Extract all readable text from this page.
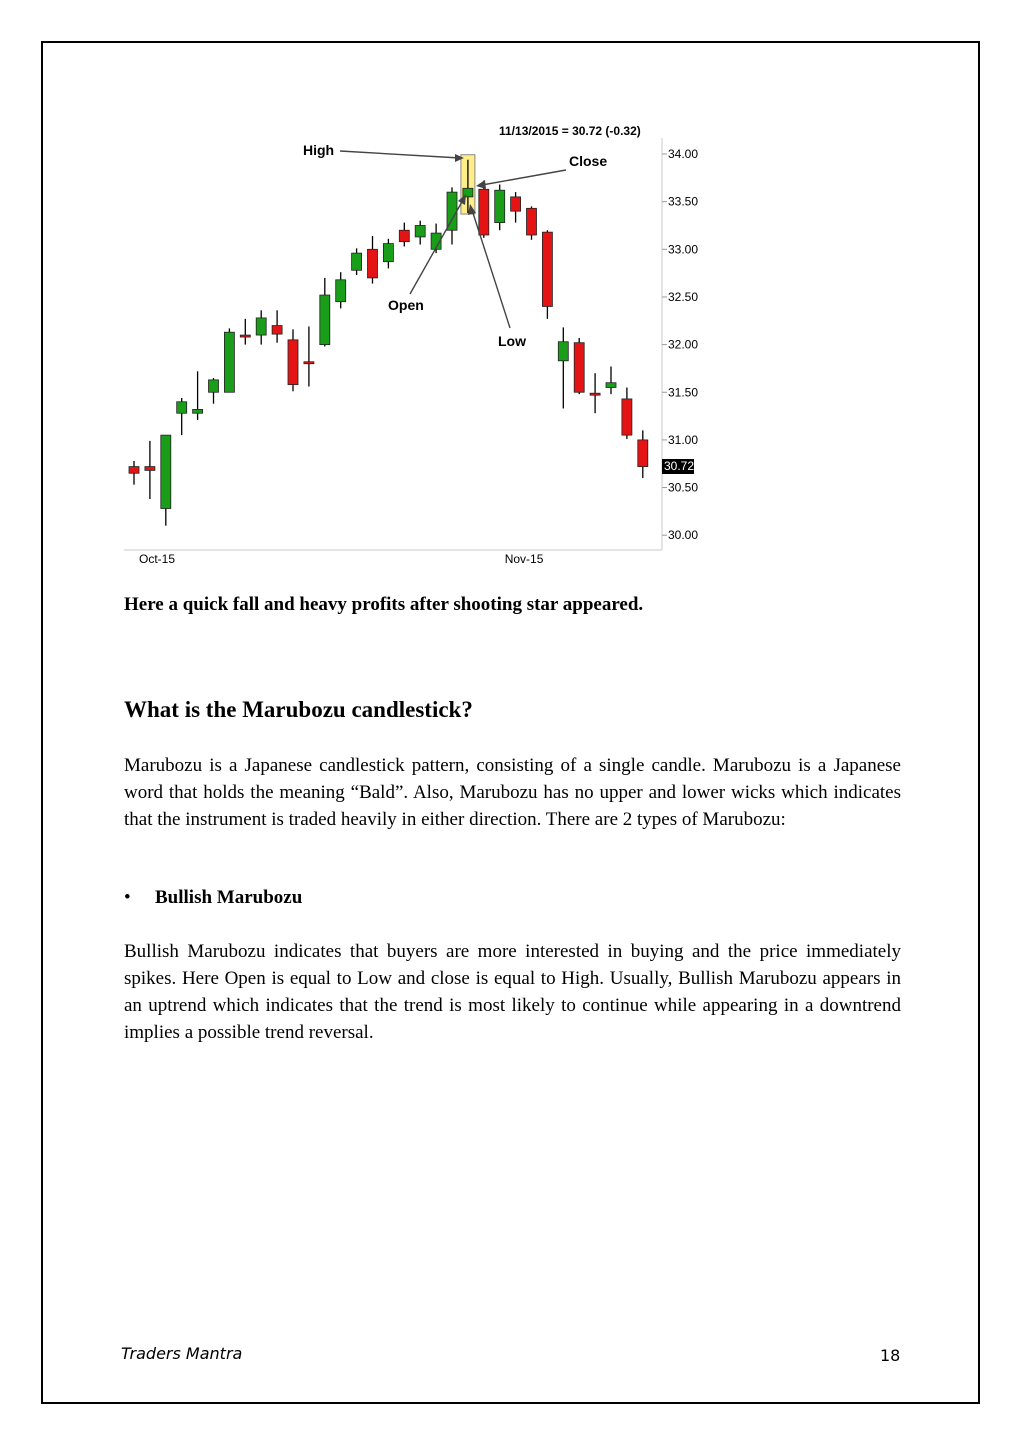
34.00
33.50
33.00
32.50
32.00
31.50
31.00
30.50
30.00
Oct-15	Nov-15
11/13/2015 = 30.72 (-0.32)
30.72
High
Close
Open
Low
Here a quick fall and heavy profits after shooting star appeared.
What is the Marubozu candlestick?

Marubozu is a Japanese candlestick pattern, consisting of a single candle. Marubozu is a Japanese word that holds the meaning “Bald”. Also, Marubozu has no upper and lower wicks which indicates that the instrument is traded heavily in either direction. There are 2 types of Marubozu:

• Bullish Marubozu

Bullish Marubozu indicates that buyers are more interested in buying and the price immediately spikes. Here Open is equal to Low and close is equal to High. Usually, Bullish Marubozu appears in an uptrend which indicates that the trend is most likely to continue while appearing in a downtrend implies a possible trend reversal.

Traders Mantra	18
